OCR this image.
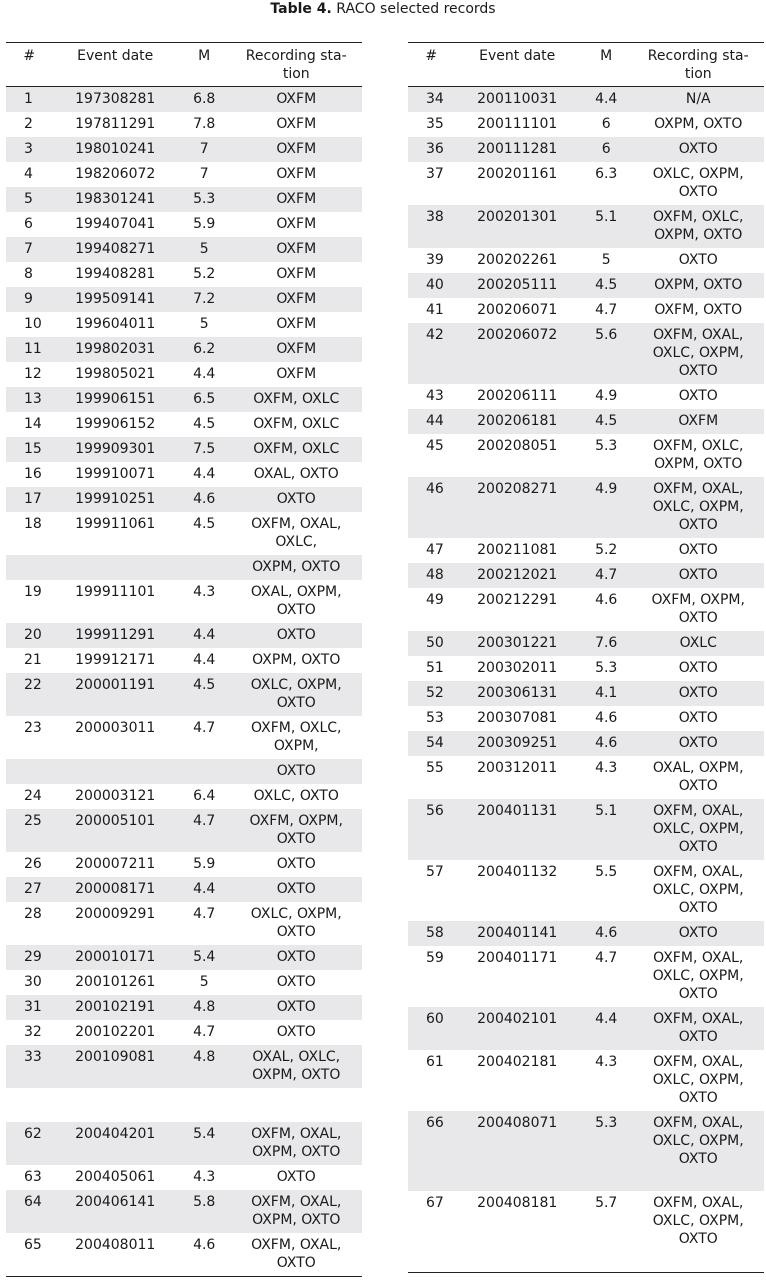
Table 4. RACO selected records
#	Event date	M	Recording sta-tion
1	197308281	6.8	OXFM
2	197811291	7.8	OXFM
3	198010241	7	OXFM
4	198206072	7	OXFM
5	198301241	5.3	OXFM
6	199407041	5.9	OXFM
7	199408271	5	OXFM
8	199408281	5.2	OXFM
9	199509141	7.2	OXFM
10	199604011	5	OXFM
11	199802031	6.2	OXFM
12	199805021	4.4	OXFM
13	199906151	6.5	OXFM, OXLC
14	199906152	4.5	OXFM, OXLC
15	199909301	7.5	OXFM, OXLC
16	199910071	4.4	OXAL, OXTO
17	199910251	4.6	OXTO
18	199911061	4.5	OXFM, OXAL, OXLC,
			OXPM, OXTO
19	199911101	4.3	OXAL, OXPM, OXTO
20	199911291	4.4	OXTO
21	199912171	4.4	OXPM, OXTO
22	200001191	4.5	OXLC, OXPM, OXTO
23	200003011	4.7	OXFM, OXLC, OXPM,
			OXTO
24	200003121	6.4	OXLC, OXTO
25	200005101	4.7	OXFM, OXPM, OXTO
26	200007211	5.9	OXTO
27	200008171	4.4	OXTO
28	200009291	4.7	OXLC, OXPM, OXTO
29	200010171	5.4	OXTO
30	200101261	5	OXTO
31	200102191	4.8	OXTO
32	200102201	4.7	OXTO
33	200109081	4.8	OXAL, OXLC, OXPM, OXTO

62	200404201	5.4	OXFM, OXAL, OXPM, OXTO
63	200405061	4.3	OXTO
64	200406141	5.8	OXFM, OXAL, OXPM, OXTO
65	200408011	4.6	OXFM, OXAL, OXTO
#	Event date	M	Recording sta-tion
34	200110031	4.4	N/A
35	200111101	6	OXPM, OXTO
36	200111281	6	OXTO
37	200201161	6.3	OXLC, OXPM, OXTO
38	200201301	5.1	OXFM, OXLC, OXPM, OXTO
39	200202261	5	OXTO
40	200205111	4.5	OXPM, OXTO
41	200206071	4.7	OXFM, OXTO
42	200206072	5.6	OXFM, OXAL, OXLC, OXPM, OXTO
43	200206111	4.9	OXTO
44	200206181	4.5	OXFM
45	200208051	5.3	OXFM, OXLC, OXPM, OXTO
46	200208271	4.9	OXFM, OXAL, OXLC, OXPM, OXTO
47	200211081	5.2	OXTO
48	200212021	4.7	OXTO
49	200212291	4.6	OXFM, OXPM, OXTO
50	200301221	7.6	OXLC
51	200302011	5.3	OXTO
52	200306131	4.1	OXTO
53	200307081	4.6	OXTO
54	200309251	4.6	OXTO
55	200312011	4.3	OXAL, OXPM, OXTO
56	200401131	5.1	OXFM, OXAL, OXLC, OXPM, OXTO
57	200401132	5.5	OXFM, OXAL, OXLC, OXPM, OXTO
58	200401141	4.6	OXTO
59	200401171	4.7	OXFM, OXAL, OXLC, OXPM, OXTO
60	200402101	4.4	OXFM, OXAL, OXTO
61	200402181	4.3	OXFM, OXAL, OXLC, OXPM, OXTO
66	200408071	5.3	OXFM, OXAL, OXLC, OXPM, OXTO
67	200408181	5.7	OXFM, OXAL, OXLC, OXPM, OXTO
